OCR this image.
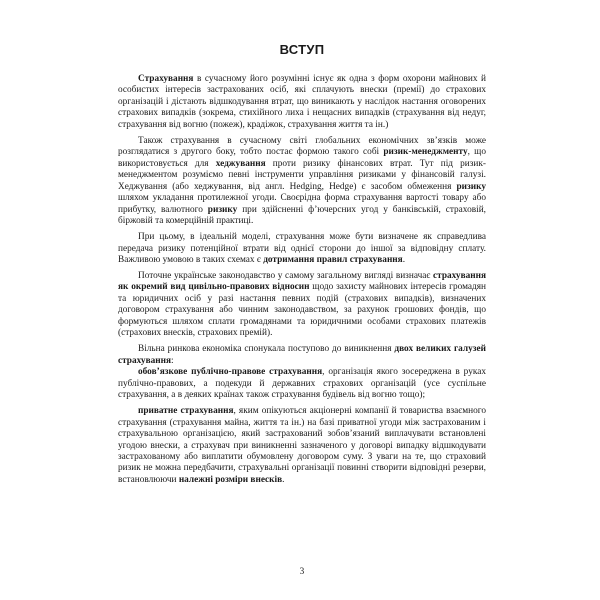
ВСТУП

Страхування в сучасному його розумінні існує як одна з форм охорони майнових й особистих інтересів застрахованих осіб, які сплачують внески (премії) до страхових організацій і дістають відшкодування втрат, що виникають у наслідок настання оговорених страхових випадків (зокрема, стихійного лиха і нещасних випадків (страхування від недуг, страхування від вогню (пожеж), крадіжок, страхування життя та ін.)

Також страхування в сучасному світі глобальних економічних зв’язків може розглядатися з другого боку, тобто постає формою такого собі ризик-менеджменту, що використовується для хеджування проти ризику фінансових втрат. Тут під ризик-менеджментом розуміємо певні інструменти управління ризиками у фінансовій галузі. Хеджування (або хеджування, від англ. Hedging, Hedge) є засобом обмеження ризику шляхом укладання протилежної угоди. Своєрідна форма страхування вартості товару або прибутку, валютного ризику при здійсненні ф’ючерсних угод у банківській, страховій, біржовій та комерційній практиці.

При цьому, в ідеальній моделі, страхування може бути визначене як справедлива передача ризику потенційної втрати від однієї сторони до іншої за відповідну сплату. Важливою умовою в таких схемах є дотримання правил страхування.

Поточне українське законодавство у самому загальному вигляді визначає страхування як окремий вид цивільно-правових відносин щодо захисту майнових інтересів громадян та юридичних осіб у разі настання певних подій (страхових випадків), визначених договором страхування або чинним законодавством, за рахунок грошових фондів, що формуються шляхом сплати громадянами та юридичними особами страхових платежів (страхових внесків, страхових премій).

Вільна ринкова економіка спонукала поступово до виникнення двох великих галузей страхування:

обов’язкове публічно-правове страхування, організація якого зосереджена в руках публічно-правових, а подекуди й державних страхових організацій (усе суспільне страхування, а в деяких країнах також страхування будівель від вогню тощо);

приватне страхування, яким опікуються акціонерні компанії й товариства взаємного страхування (страхування майна, життя та ін.) на базі приватної угоди між застрахованим і страхувальною організацією, який застрахований зобов’язаний виплачувати встановлені угодою внески, а страхувач при виникненні зазначеного у договорі випадку відшкодувати застрахованому або виплатити обумовлену договором суму. З уваги на те, що страховий ризик не можна передбачити, страхувальні організації повинні створити відповідні резерви, встановлюючи належні розміри внесків.

3
